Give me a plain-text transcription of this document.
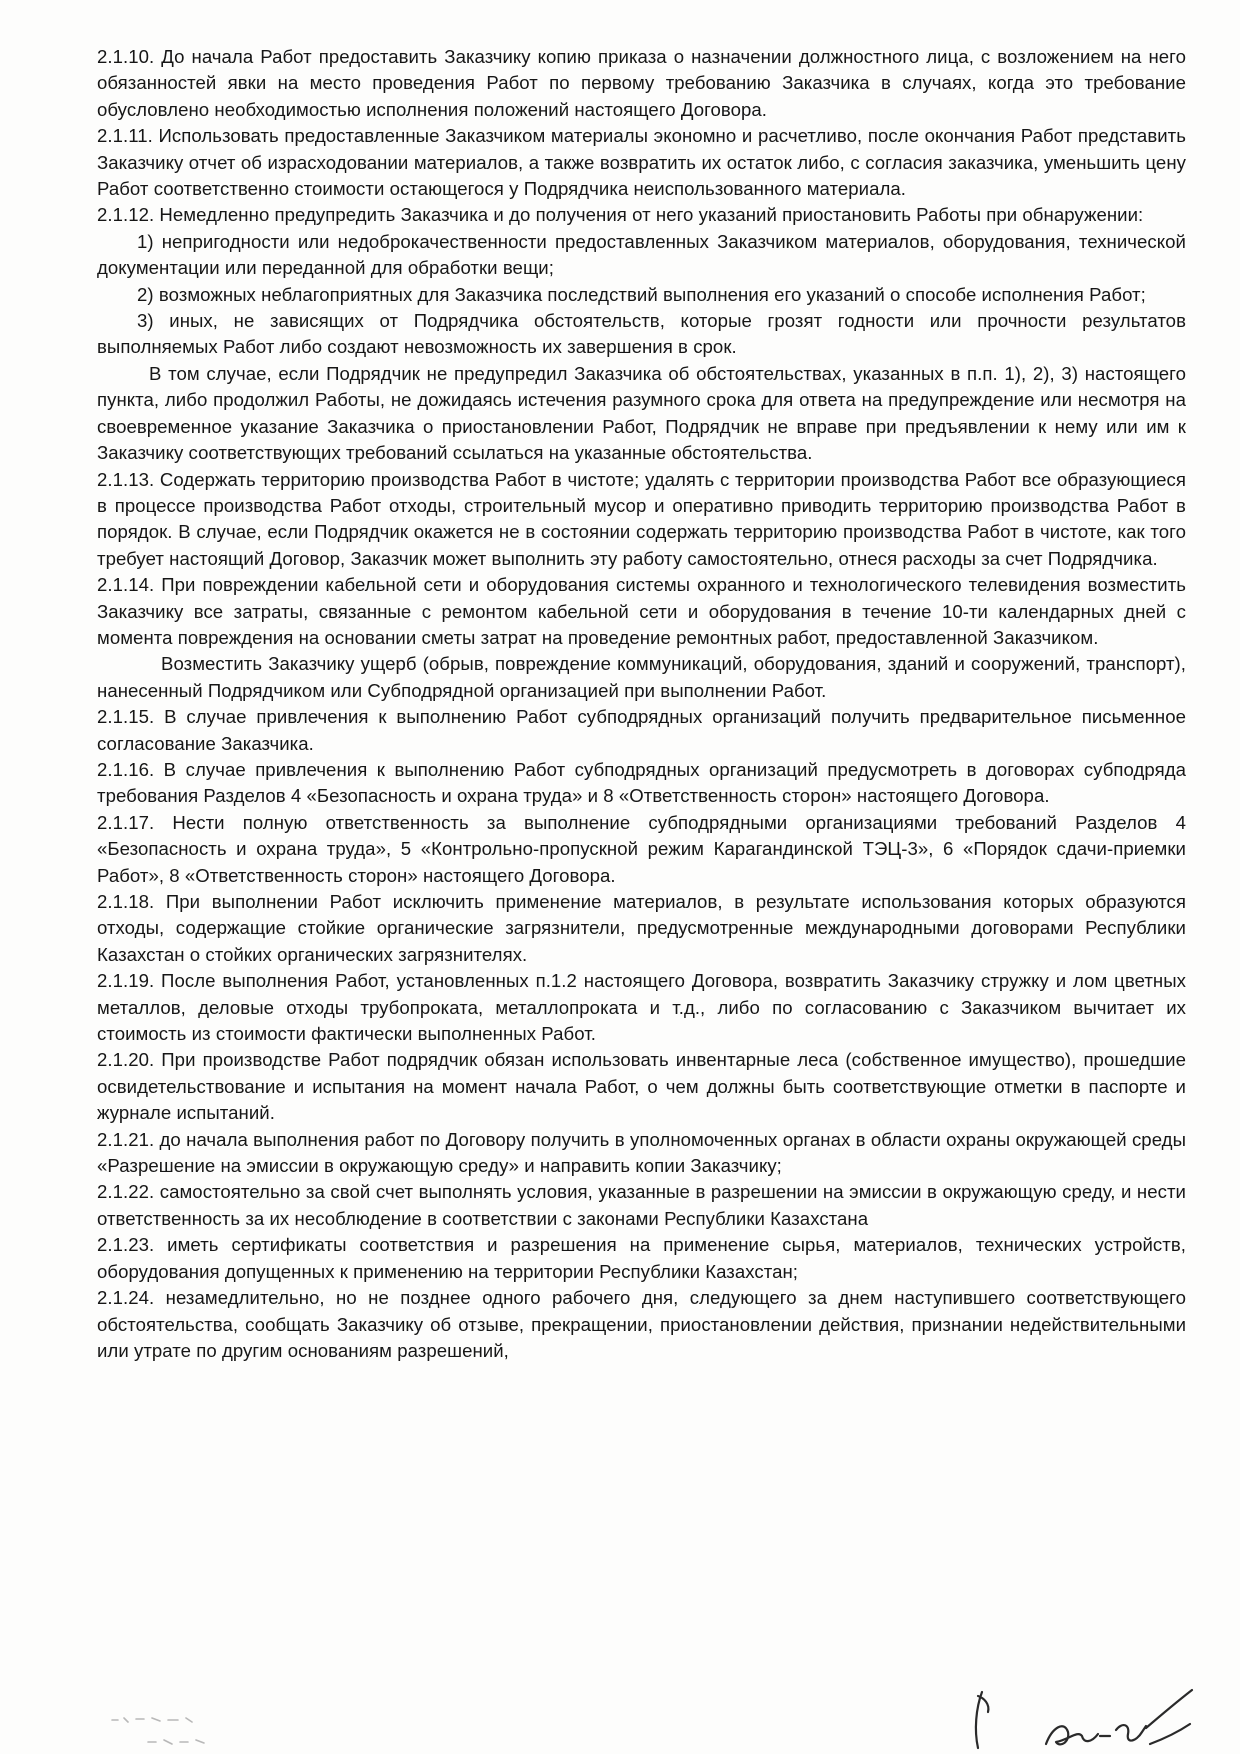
2.1.10. До начала Работ предоставить Заказчику копию приказа о назначении должностного лица, с возложением на него обязанностей явки на место проведения Работ по первому требованию Заказчика в случаях, когда это требование обусловлено необходимостью исполнения положений настоящего Договора.

2.1.11. Использовать предоставленные Заказчиком материалы экономно и расчетливо, после окончания Работ представить Заказчику отчет об израсходовании материалов, а также возвратить их остаток либо, с согласия заказчика, уменьшить цену Работ соответственно стоимости остающегося у Подрядчика неиспользованного материала.

2.1.12. Немедленно предупредить Заказчика и до получения от него указаний приостановить Работы при обнаружении:

1) непригодности или недоброкачественности предоставленных Заказчиком материалов, оборудования, технической документации или переданной для обработки вещи;

2) возможных неблагоприятных для Заказчика последствий выполнения его указаний о способе исполнения Работ;

3) иных, не зависящих от Подрядчика обстоятельств, которые грозят годности или прочности результатов выполняемых Работ либо создают невозможность их завершения в срок.

В том случае, если Подрядчик не предупредил Заказчика об обстоятельствах, указанных в п.п. 1), 2), 3) настоящего пункта, либо продолжил Работы, не дожидаясь истечения разумного срока для ответа на предупреждение или несмотря на своевременное указание Заказчика о приостановлении Работ, Подрядчик не вправе при предъявлении к нему или им к Заказчику соответствующих требований ссылаться на указанные обстоятельства.

2.1.13. Содержать территорию производства Работ в чистоте; удалять с территории производства Работ все образующиеся в процессе производства Работ отходы, строительный мусор и оперативно приводить территорию производства Работ в порядок. В случае, если Подрядчик окажется не в состоянии содержать территорию производства Работ в чистоте, как того требует настоящий Договор, Заказчик может выполнить эту работу самостоятельно, отнеся расходы за счет Подрядчика.

2.1.14. При повреждении кабельной сети и оборудования системы охранного и технологического телевидения возместить Заказчику все затраты, связанные с ремонтом кабельной сети и оборудования в течение 10-ти календарных дней с момента повреждения на основании сметы затрат на проведение ремонтных работ, предоставленной Заказчиком.

Возместить Заказчику ущерб (обрыв, повреждение коммуникаций, оборудования, зданий и сооружений, транспорт), нанесенный Подрядчиком или Субподрядной организацией при выполнении Работ.

2.1.15. В случае привлечения к выполнению Работ субподрядных организаций получить предварительное письменное согласование Заказчика.

2.1.16. В случае привлечения к выполнению Работ субподрядных организаций предусмотреть в договорах субподряда требования Разделов 4 «Безопасность и охрана труда» и 8 «Ответственность сторон» настоящего Договора.

2.1.17. Нести полную ответственность за выполнение субподрядными организациями требований Разделов 4 «Безопасность и охрана труда», 5 «Контрольно-пропускной режим Карагандинской ТЭЦ-3», 6 «Порядок сдачи-приемки Работ», 8 «Ответственность сторон» настоящего Договора.

2.1.18. При выполнении Работ исключить применение материалов, в результате использования которых образуются отходы, содержащие стойкие органические загрязнители, предусмотренные международными договорами Республики Казахстан о стойких органических загрязнителях.

2.1.19. После выполнения Работ, установленных п.1.2 настоящего Договора, возвратить Заказчику стружку и лом цветных металлов, деловые отходы трубопроката, металлопроката и т.д., либо по согласованию с Заказчиком вычитает их стоимость из стоимости фактически выполненных Работ.

2.1.20. При производстве Работ подрядчик обязан использовать инвентарные леса (собственное имущество), прошедшие освидетельствование и испытания на момент начала Работ, о чем должны быть соответствующие отметки в паспорте и журнале испытаний.

2.1.21. до начала выполнения работ по Договору получить в уполномоченных органах в области охраны окружающей среды «Разрешение на эмиссии в окружающую среду» и направить копии Заказчику;

2.1.22. самостоятельно за свой счет выполнять условия, указанные в разрешении на эмиссии в окружающую среду, и нести ответственность за их несоблюдение в соответствии с законами Республики Казахстана

2.1.23. иметь сертификаты соответствия и разрешения на применение сырья, материалов, технических устройств, оборудования допущенных к применению на территории Республики Казахстан;

2.1.24. незамедлительно, но не позднее одного рабочего дня, следующего за днем наступившего соответствующего обстоятельства, сообщать Заказчику об отзыве, прекращении, приостановлении действия, признании недействительными или утрате по другим основаниям разрешений,
